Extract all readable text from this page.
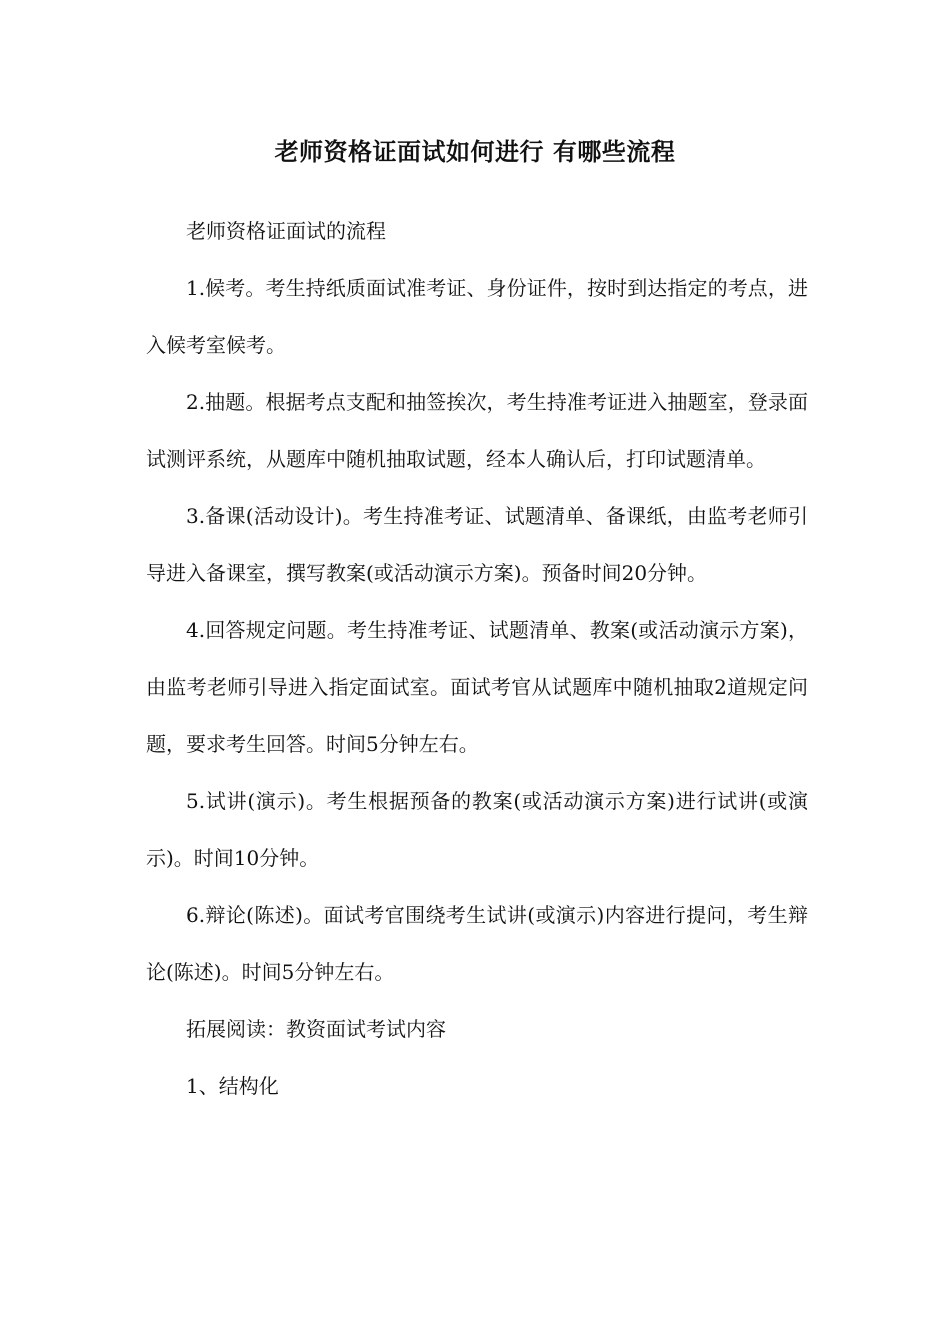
老师资格证面试如何进行 有哪些流程

老师资格证面试的流程

1.候考。考生持纸质面试准考证、身份证件，按时到达指定的考点，进入候考室候考。

2.抽题。根据考点支配和抽签挨次，考生持准考证进入抽题室，登录面试测评系统，从题库中随机抽取试题，经本人确认后，打印试题清单。

3.备课(活动设计)。考生持准考证、试题清单、备课纸，由监考老师引导进入备课室，撰写教案(或活动演示方案)。预备时间20分钟。

4.回答规定问题。考生持准考证、试题清单、教案(或活动演示方案)，由监考老师引导进入指定面试室。面试考官从试题库中随机抽取2道规定问题，要求考生回答。时间5分钟左右。

5.试讲(演示)。考生根据预备的教案(或活动演示方案)进行试讲(或演示)。时间10分钟。

6.辩论(陈述)。面试考官围绕考生试讲(或演示)内容进行提问，考生辩论(陈述)。时间5分钟左右。

拓展阅读：教资面试考试内容

1、结构化
